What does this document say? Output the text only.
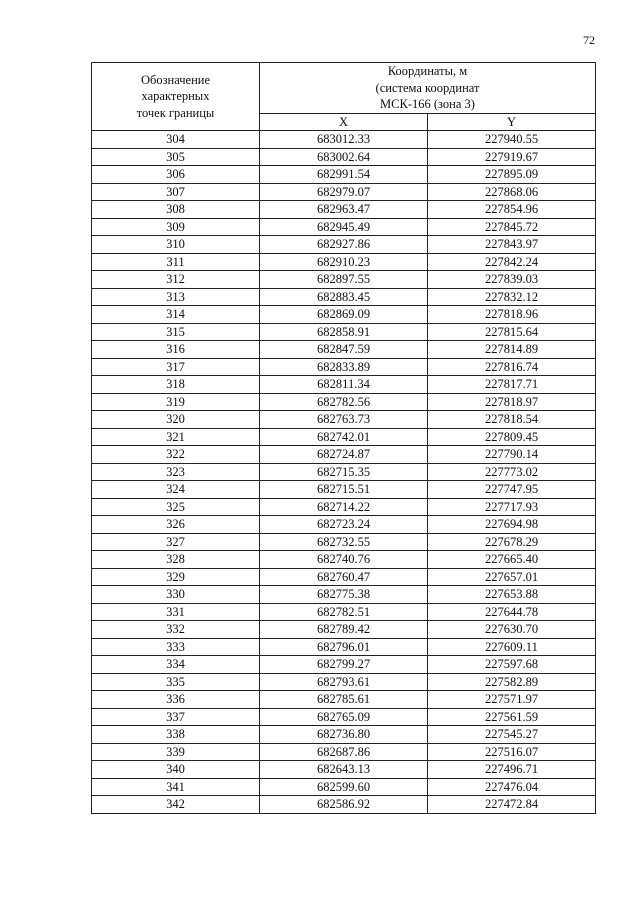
72
Обозначение
характерных
точек границы	Координаты, м
(система координат
МСК-166 (зона 3)	
	X	Y
304	683012.33	227940.55
305	683002.64	227919.67
306	682991.54	227895.09
307	682979.07	227868.06
308	682963.47	227854.96
309	682945.49	227845.72
310	682927.86	227843.97
311	682910.23	227842.24
312	682897.55	227839.03
313	682883.45	227832.12
314	682869.09	227818.96
315	682858.91	227815.64
316	682847.59	227814.89
317	682833.89	227816.74
318	682811.34	227817.71
319	682782.56	227818.97
320	682763.73	227818.54
321	682742.01	227809.45
322	682724.87	227790.14
323	682715.35	227773.02
324	682715.51	227747.95
325	682714.22	227717.93
326	682723.24	227694.98
327	682732.55	227678.29
328	682740.76	227665.40
329	682760.47	227657.01
330	682775.38	227653.88
331	682782.51	227644.78
332	682789.42	227630.70
333	682796.01	227609.11
334	682799.27	227597.68
335	682793.61	227582.89
336	682785.61	227571.97
337	682765.09	227561.59
338	682736.80	227545.27
339	682687.86	227516.07
340	682643.13	227496.71
341	682599.60	227476.04
342	682586.92	227472.84
